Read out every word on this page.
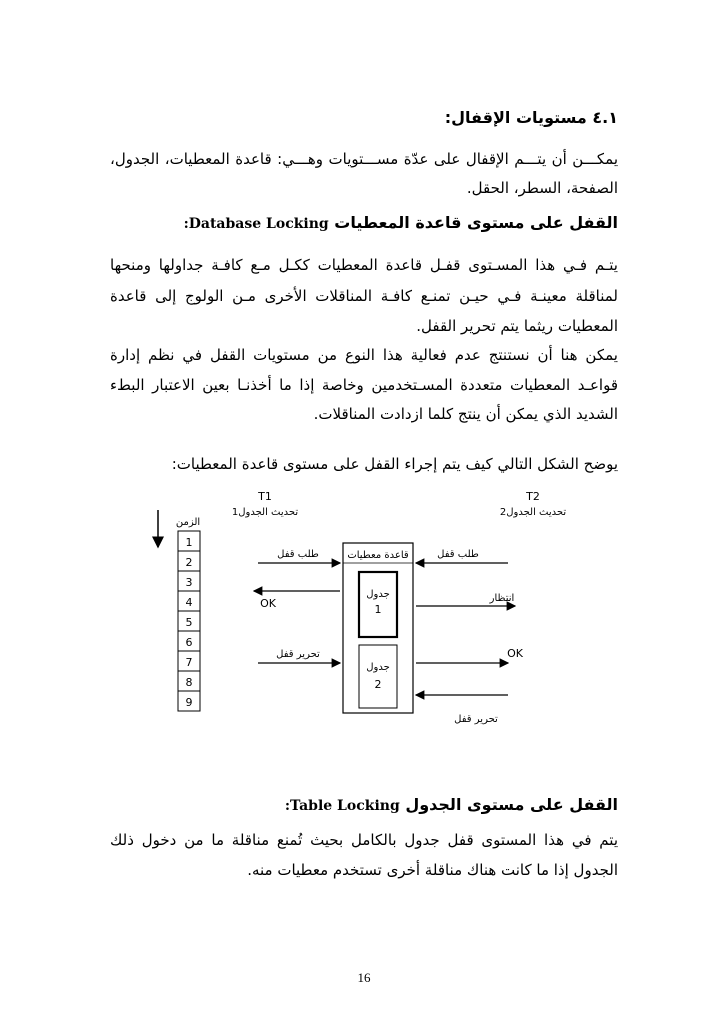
٤.١ مستويات الإقفال:
يمكـــن أن يتـــم الإقفال على عدّة مســـتويات وهـــي: قاعدة المعطيات، الجدول،
الصفحة، السطر، الحقل.
القفل على مستوى قاعدة المعطيات :Database Locking
يتـم فـي هذا المسـتوى قفـل قاعدة المعطيات ككـل مـع كافـة جداولها ومنحها
لمناقلة معينـة فـي حيـن تمنـع كافـة المناقلات الأخرى مـن الولوج إلى قاعدة
المعطيات ريثما يتم تحرير القفل.
يمكن هنا أن نستنتج عدم فعالية هذا النوع من مستويات القفل في نظم إدارة
قواعـد المعطيات متعددة المسـتخدمين وخاصة إذا ما أخذنـا بعين الاعتبار البطء
الشديد الذي يمكن أن ينتج كلما ازدادت المناقلات.
يوضح الشكل التالي كيف يتم إجراء القفل على مستوى قاعدة المعطيات:
الزمن
1
2
3
4
5
6
7
8
9
T1
تحديث الجدول1
T2
تحديث الجدول2
قاعدة معطيات
جدول
1
جدول
2
طلب قفل
OK
تحرير قفل
طلب قفل
انتظار
OK
تحرير قفل
القفل على مستوى الجدول :Table Locking
يتم في هذا المستوى قفل جدول بالكامل بحيث تُمنع مناقلة ما من دخول ذلك
الجدول إذا ما كانت هناك مناقلة أخرى تستخدم معطيات منه.
16
